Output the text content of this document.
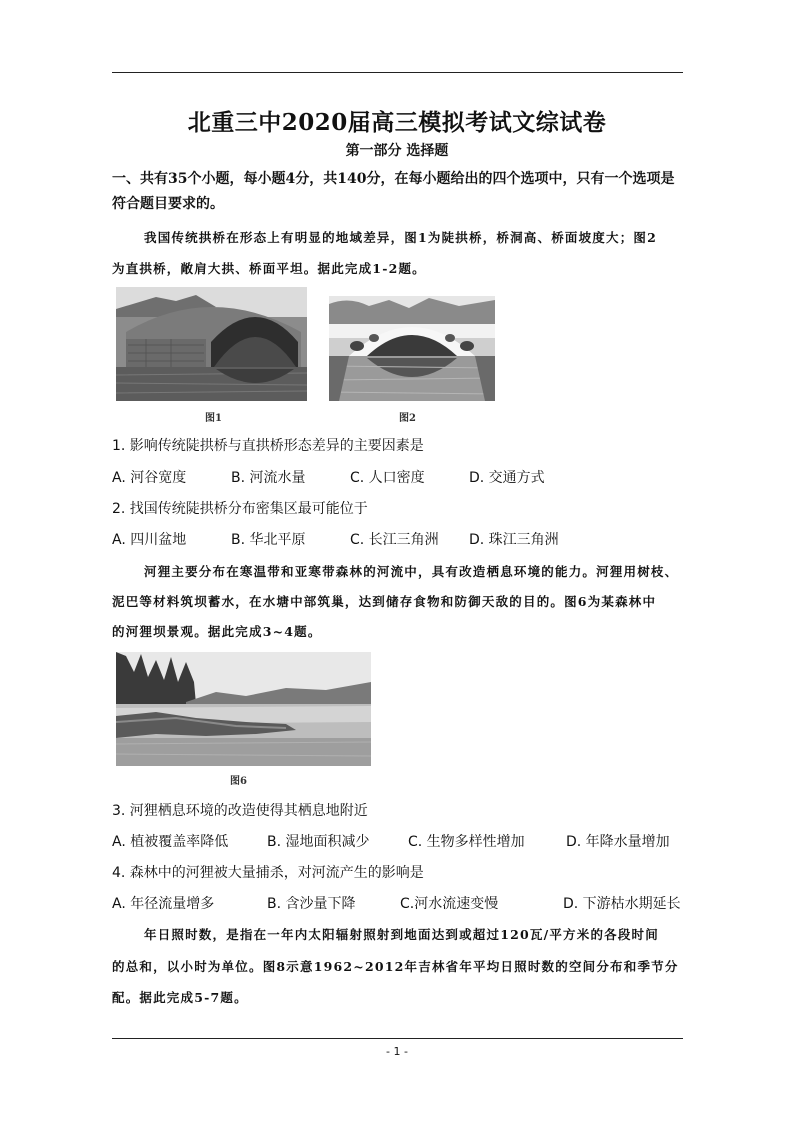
北重三中2020届高三模拟考试文综试卷
第一部分 选择题
一、共有35个小题，每小题4分，共140分，在每小题给出的四个选项中，只有一个选项是
符合题目要求的。
我国传统拱桥在形态上有明显的地域差异，图1为陡拱桥，桥洞高、桥面坡度大；图2
为直拱桥，敞肩大拱、桥面平坦。据此完成1-2题。
图1	图2
1. 影响传统陡拱桥与直拱桥形态差异的主要因素是
A. 河谷宽度	B. 河流水量	C. 人口密度	D. 交通方式
2. 找国传统陡拱桥分布密集区最可能位于
A. 四川盆地	B. 华北平原	C. 长江三角洲 D. 珠江三角洲
河狸主要分布在寒温带和亚寒带森林的河流中，具有改造栖息环境的能力。河狸用树枝、
泥巴等材料筑坝蓄水，在水塘中部筑巢，达到储存食物和防御天敌的目的。图6为某森林中
的河狸坝景观。据此完成3~4题。
图6
3. 河狸栖息环境的改造使得其栖息地附近
A. 植被覆盖率降低	B. 湿地面积减少	C. 生物多样性增加	D. 年降水量增加
4. 森林中的河狸被大量捕杀，对河流产生的影响是
A. 年径流量增多	B. 含沙量下降	C.河水流速变慢	D. 下游枯水期延长
年日照时数，是指在一年内太阳辐射照射到地面达到或超过120瓦/平方米的各段时间
的总和，以小时为单位。图8示意1962~2012年吉林省年平均日照时数的空间分布和季节分
配。据此完成5-7题。
- 1 -
